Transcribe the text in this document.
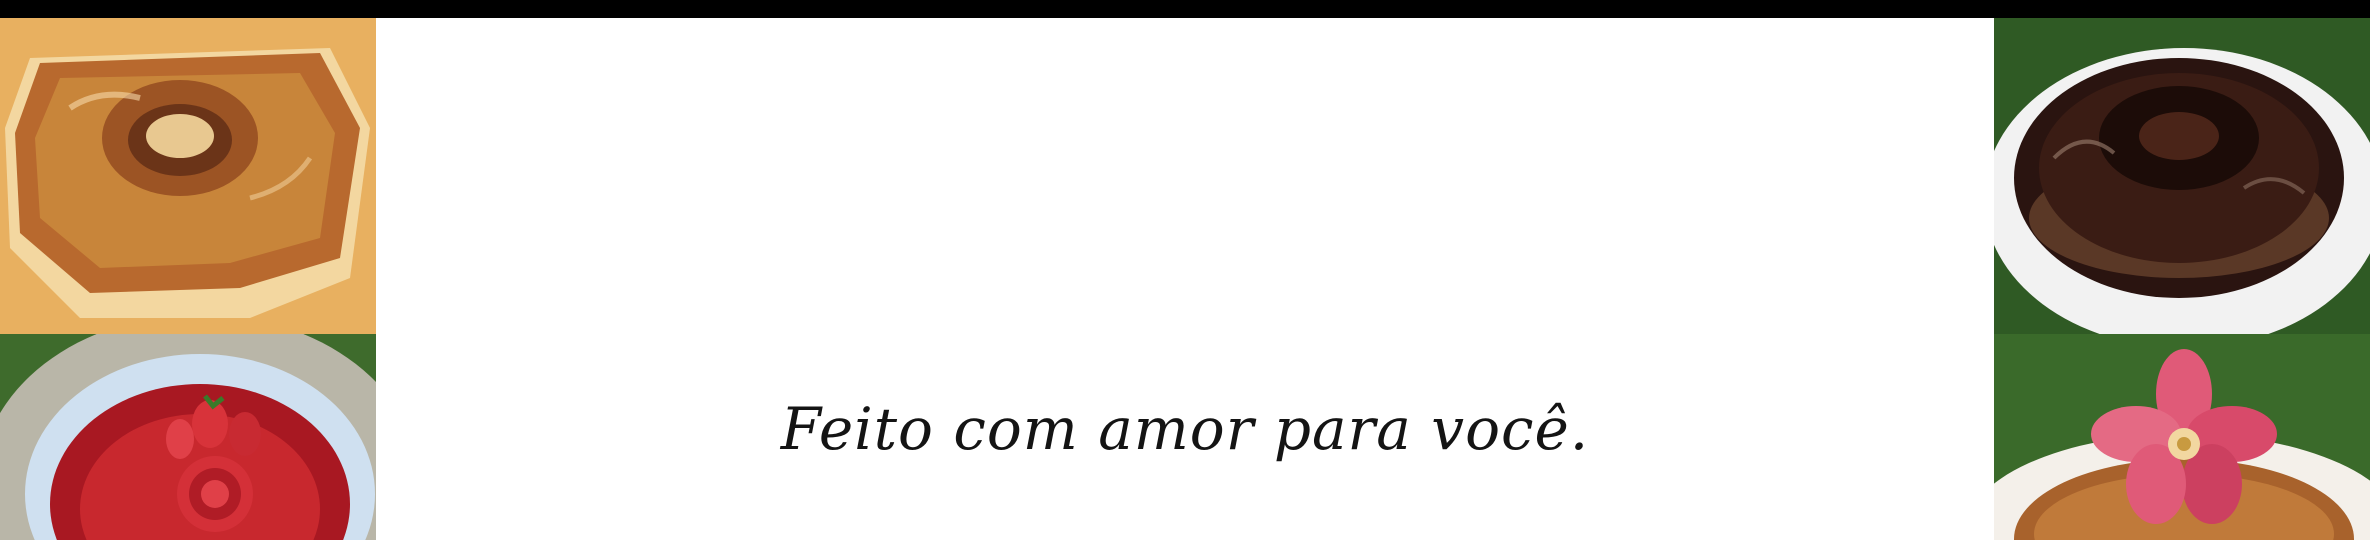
Feito com amor para você.
